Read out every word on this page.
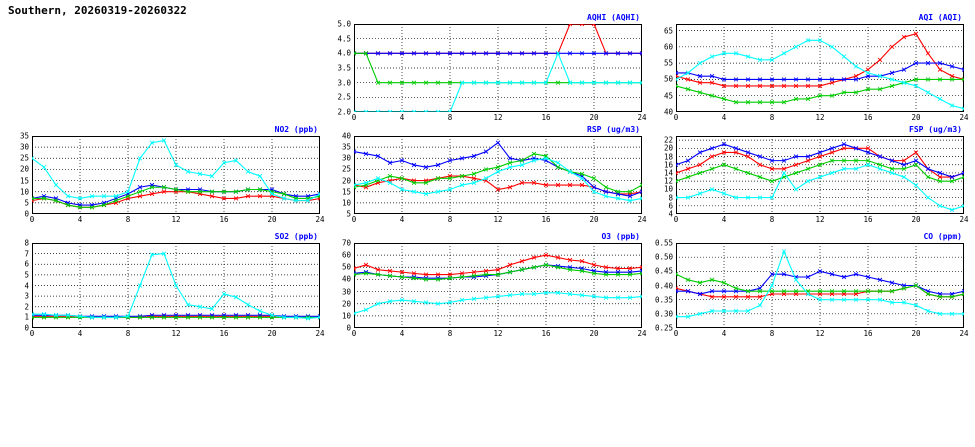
Southern, 20260319-20260322
AQHI (AQHI)
2.0
2.5
3.0
3.5
4.0
4.5
5.0
0	4	8	12	16	20	24
AQI (AQI)
40
45
50
55
60
65
0	4	8	12	16	20	24
NO2 (ppb)
0
5
10
15
20
25
30
35
0	4	8	12	16	20	24
RSP (ug/m3)
5
10
15
20
25
30
35
40
0	4	8	12	16	20	24
FSP (ug/m3)
4
6
8
10
12
14
16
18
20
22
0	4	8	12	16	20	24
SO2 (ppb)
0
1
2
3
4
5
6
7
8
0	4	8	12	16	20	24
O3 (ppb)
0
10
20
30
40
50
60
70
0	4	8	12	16	20	24
CO (ppm)
0.25
0.30
0.35
0.40
0.45
0.50
0.55
0	4	8	12	16	20	24
